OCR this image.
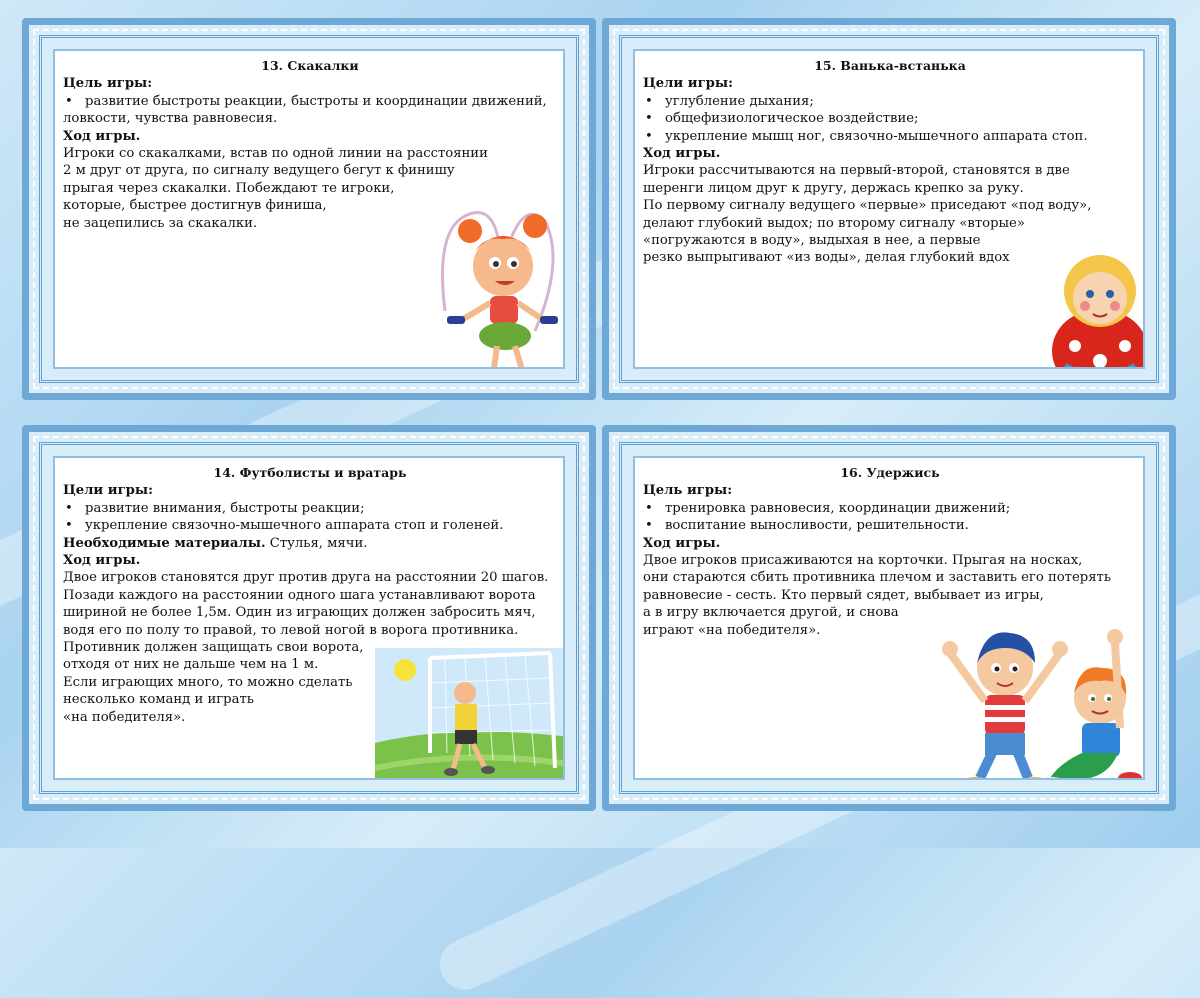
13. Скакалки
Цель игры:
• развитие быстроты реакции, быстроты и координации движений,
ловкости, чувства равновесия.
Ход игры.
Игроки со скакалками, встав по одной линии на расстоянии
2 м друг от друга, по сигналу ведущего бегут к финишу
прыгая через скакалки. Побеждают те игроки,
которые, быстрее достигнув финиша,
не зацепились за скакалки.
15. Ванька-встанька
Цели игры:
• углубление дыхания;
• общефизиологическое воздействие;
• укрепление мышц ног, связочно-мышечного аппарата стоп.
Ход игры.
Игроки рассчитываются на первый-второй, становятся в две
шеренги лицом друг к другу, держась крепко за руку.
По первому сигналу ведущего «первые» приседают «под воду»,
делают глубокий выдох; по второму сигналу «вторые»
«погружаются в воду», выдыхая в нее, а первые
резко выпрыгивают «из воды», делая глубокий вдох
14. Футболисты и вратарь
Цели игры:
• развитие внимания, быстроты реакции;
• укрепление связочно-мышечного аппарата стоп и голеней.
Необходимые материалы. Стулья, мячи.
Ход игры.
Двое игроков становятся друг против друга на расстоянии 20 шагов.
Позади каждого на расстоянии одного шага устанавливают ворота
шириной не более 1,5м. Один из играющих должен забросить мяч,
водя его по полу то правой, то левой ногой в ворога противника.
Противник должен защищать свои ворота,
отходя от них не дальше чем на 1 м.
Если играющих много, то можно сделать
несколько команд и играть
«на победителя».
16. Удержись
Цель игры:
• тренировка равновесия, координации движений;
• воспитание выносливости, решительности.
Ход игры.
Двое игроков присаживаются на корточки. Прыгая на носках,
они стараются сбить противника плечом и заставить его потерять
равновесие - сесть. Кто первый сядет, выбывает из игры,
а в игру включается другой, и снова
играют «на победителя».
